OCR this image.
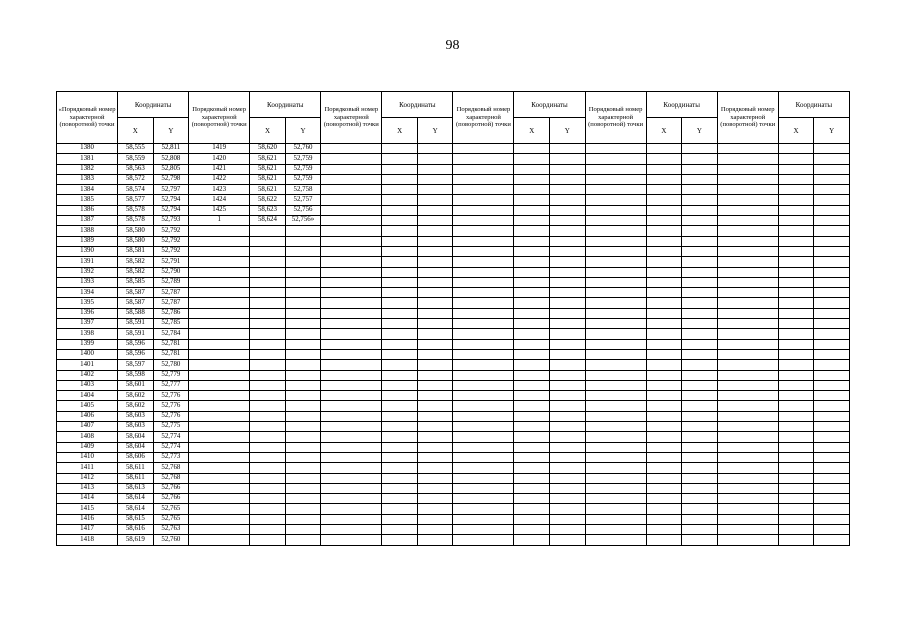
98
«Порядковый номер характерной (поворотной) точки	Координаты		Порядковый номер характерной (поворотной) точки	Координаты		Порядковый номер характерной (поворотной) точки	Координаты		Порядковый номер характерной (поворотной) точки	Координаты		Порядковый номер характерной (поворотной) точки	Координаты		Порядковый номер характерной (поворотной) точки	Координаты	
	X	Y		X	Y		X	Y		X	Y		X	Y		X	Y
1380	58,555	52,811	1419	58,620	52,760												
1381	58,559	52,808	1420	58,621	52,759												
1382	58,563	52,805	1421	58,621	52,759												
1383	58,572	52,798	1422	58,621	52,759												
1384	58,574	52,797	1423	58,621	52,758												
1385	58,577	52,794	1424	58,622	52,757												
1386	58,578	52,794	1425	58,623	52,756												
1387	58,578	52,793	1	58,624	52,756»												
1388	58,580	52,792															
1389	58,580	52,792															
1390	58,581	52,792															
1391	58,582	52,791															
1392	58,582	52,790															
1393	58,585	52,789															
1394	58,587	52,787															
1395	58,587	52,787															
1396	58,588	52,786															
1397	58,591	52,785															
1398	58,591	52,784															
1399	58,596	52,781															
1400	58,596	52,781															
1401	58,597	52,780															
1402	58,598	52,779															
1403	58,601	52,777															
1404	58,602	52,776															
1405	58,602	52,776															
1406	58,603	52,776															
1407	58,603	52,775															
1408	58,604	52,774															
1409	58,604	52,774															
1410	58,606	52,773															
1411	58,611	52,768															
1412	58,611	52,768															
1413	58,613	52,766															
1414	58,614	52,766															
1415	58,614	52,765															
1416	58,615	52,765															
1417	58,616	52,763															
1418	58,619	52,760															
